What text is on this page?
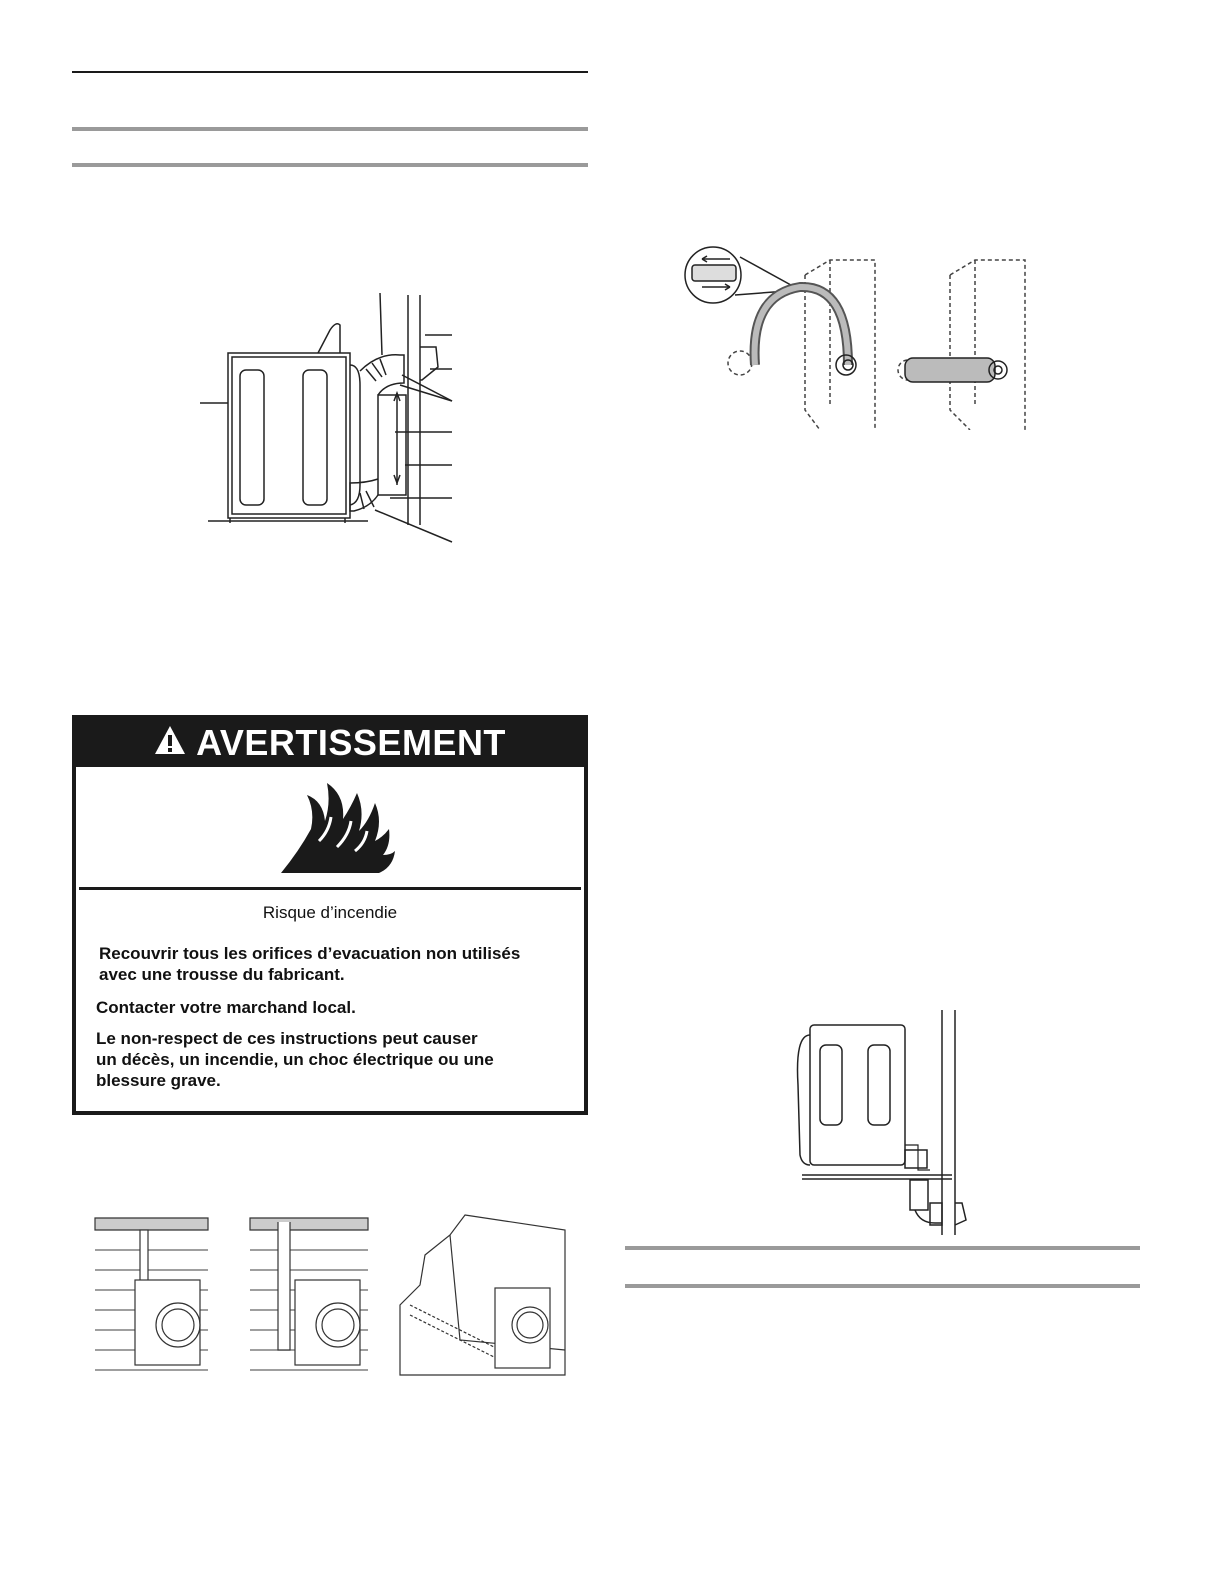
AVERTISSEMENT
Risque d’incendie
Recouvrir tous les orifices d’evacuation non utilisés
avec une trousse du fabricant.
Contacter votre marchand local.
Le non-respect de ces instructions peut causer
un décès, un incendie, un choc électrique ou une
blessure grave.
